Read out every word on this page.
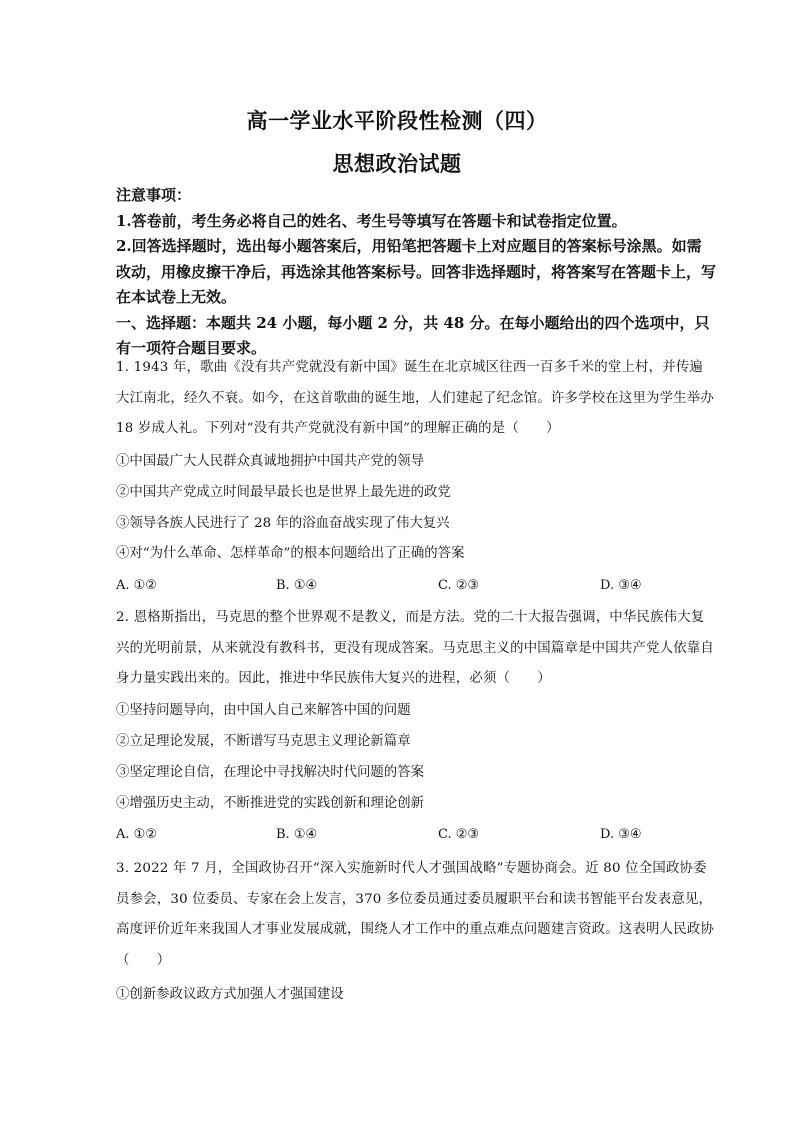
高一学业水平阶段性检测（四）
思想政治试题

注意事项：

1.答卷前，考生务必将自己的姓名、考生号等填写在答题卡和试卷指定位置。

2.回答选择题时，选出每小题答案后，用铅笔把答题卡上对应题目的答案标号涂黑。如需改动，用橡皮擦干净后，再选涂其他答案标号。回答非选择题时，将答案写在答题卡上，写在本试卷上无效。

一、选择题：本题共 24 小题，每小题 2 分，共 48 分。在每小题给出的四个选项中，只有一项符合题目要求。

1. 1943 年，歌曲《没有共产党就没有新中国》诞生在北京城区往西一百多千米的堂上村，并传遍大江南北，经久不衰。如今，在这首歌曲的诞生地，人们建起了纪念馆。许多学校在这里为学生举办 18 岁成人礼。下列对“没有共产党就没有新中国”的理解正确的是（　　）

①中国最广大人民群众真诚地拥护中国共产党的领导
②中国共产党成立时间最早最长也是世界上最先进的政党
③领导各族人民进行了 28 年的浴血奋战实现了伟大复兴
④对“为什么革命、怎样革命”的根本问题给出了正确的答案
A. ①②	B. ①④	C. ②③	D. ③④

2. 恩格斯指出，马克思的整个世界观不是教义，而是方法。党的二十大报告强调，中华民族伟大复兴的光明前景，从来就没有教科书，更没有现成答案。马克思主义的中国篇章是中国共产党人依靠自身力量实践出来的。因此，推进中华民族伟大复兴的进程，必须（　　）

①坚持问题导向，由中国人自己来解答中国的问题
②立足理论发展，不断谱写马克思主义理论新篇章
③坚定理论自信，在理论中寻找解决时代问题的答案
④增强历史主动，不断推进党的实践创新和理论创新
A. ①②	B. ①④	C. ②③	D. ③④

3. 2022 年 7 月，全国政协召开“深入实施新时代人才强国战略”专题协商会。近 80 位全国政协委员参会，30 位委员、专家在会上发言，370 多位委员通过委员履职平台和读书智能平台发表意见，高度评价近年来我国人才事业发展成就，围绕人才工作中的重点难点问题建言资政。这表明人民政协（　　）

①创新参政议政方式加强人才强国建设
